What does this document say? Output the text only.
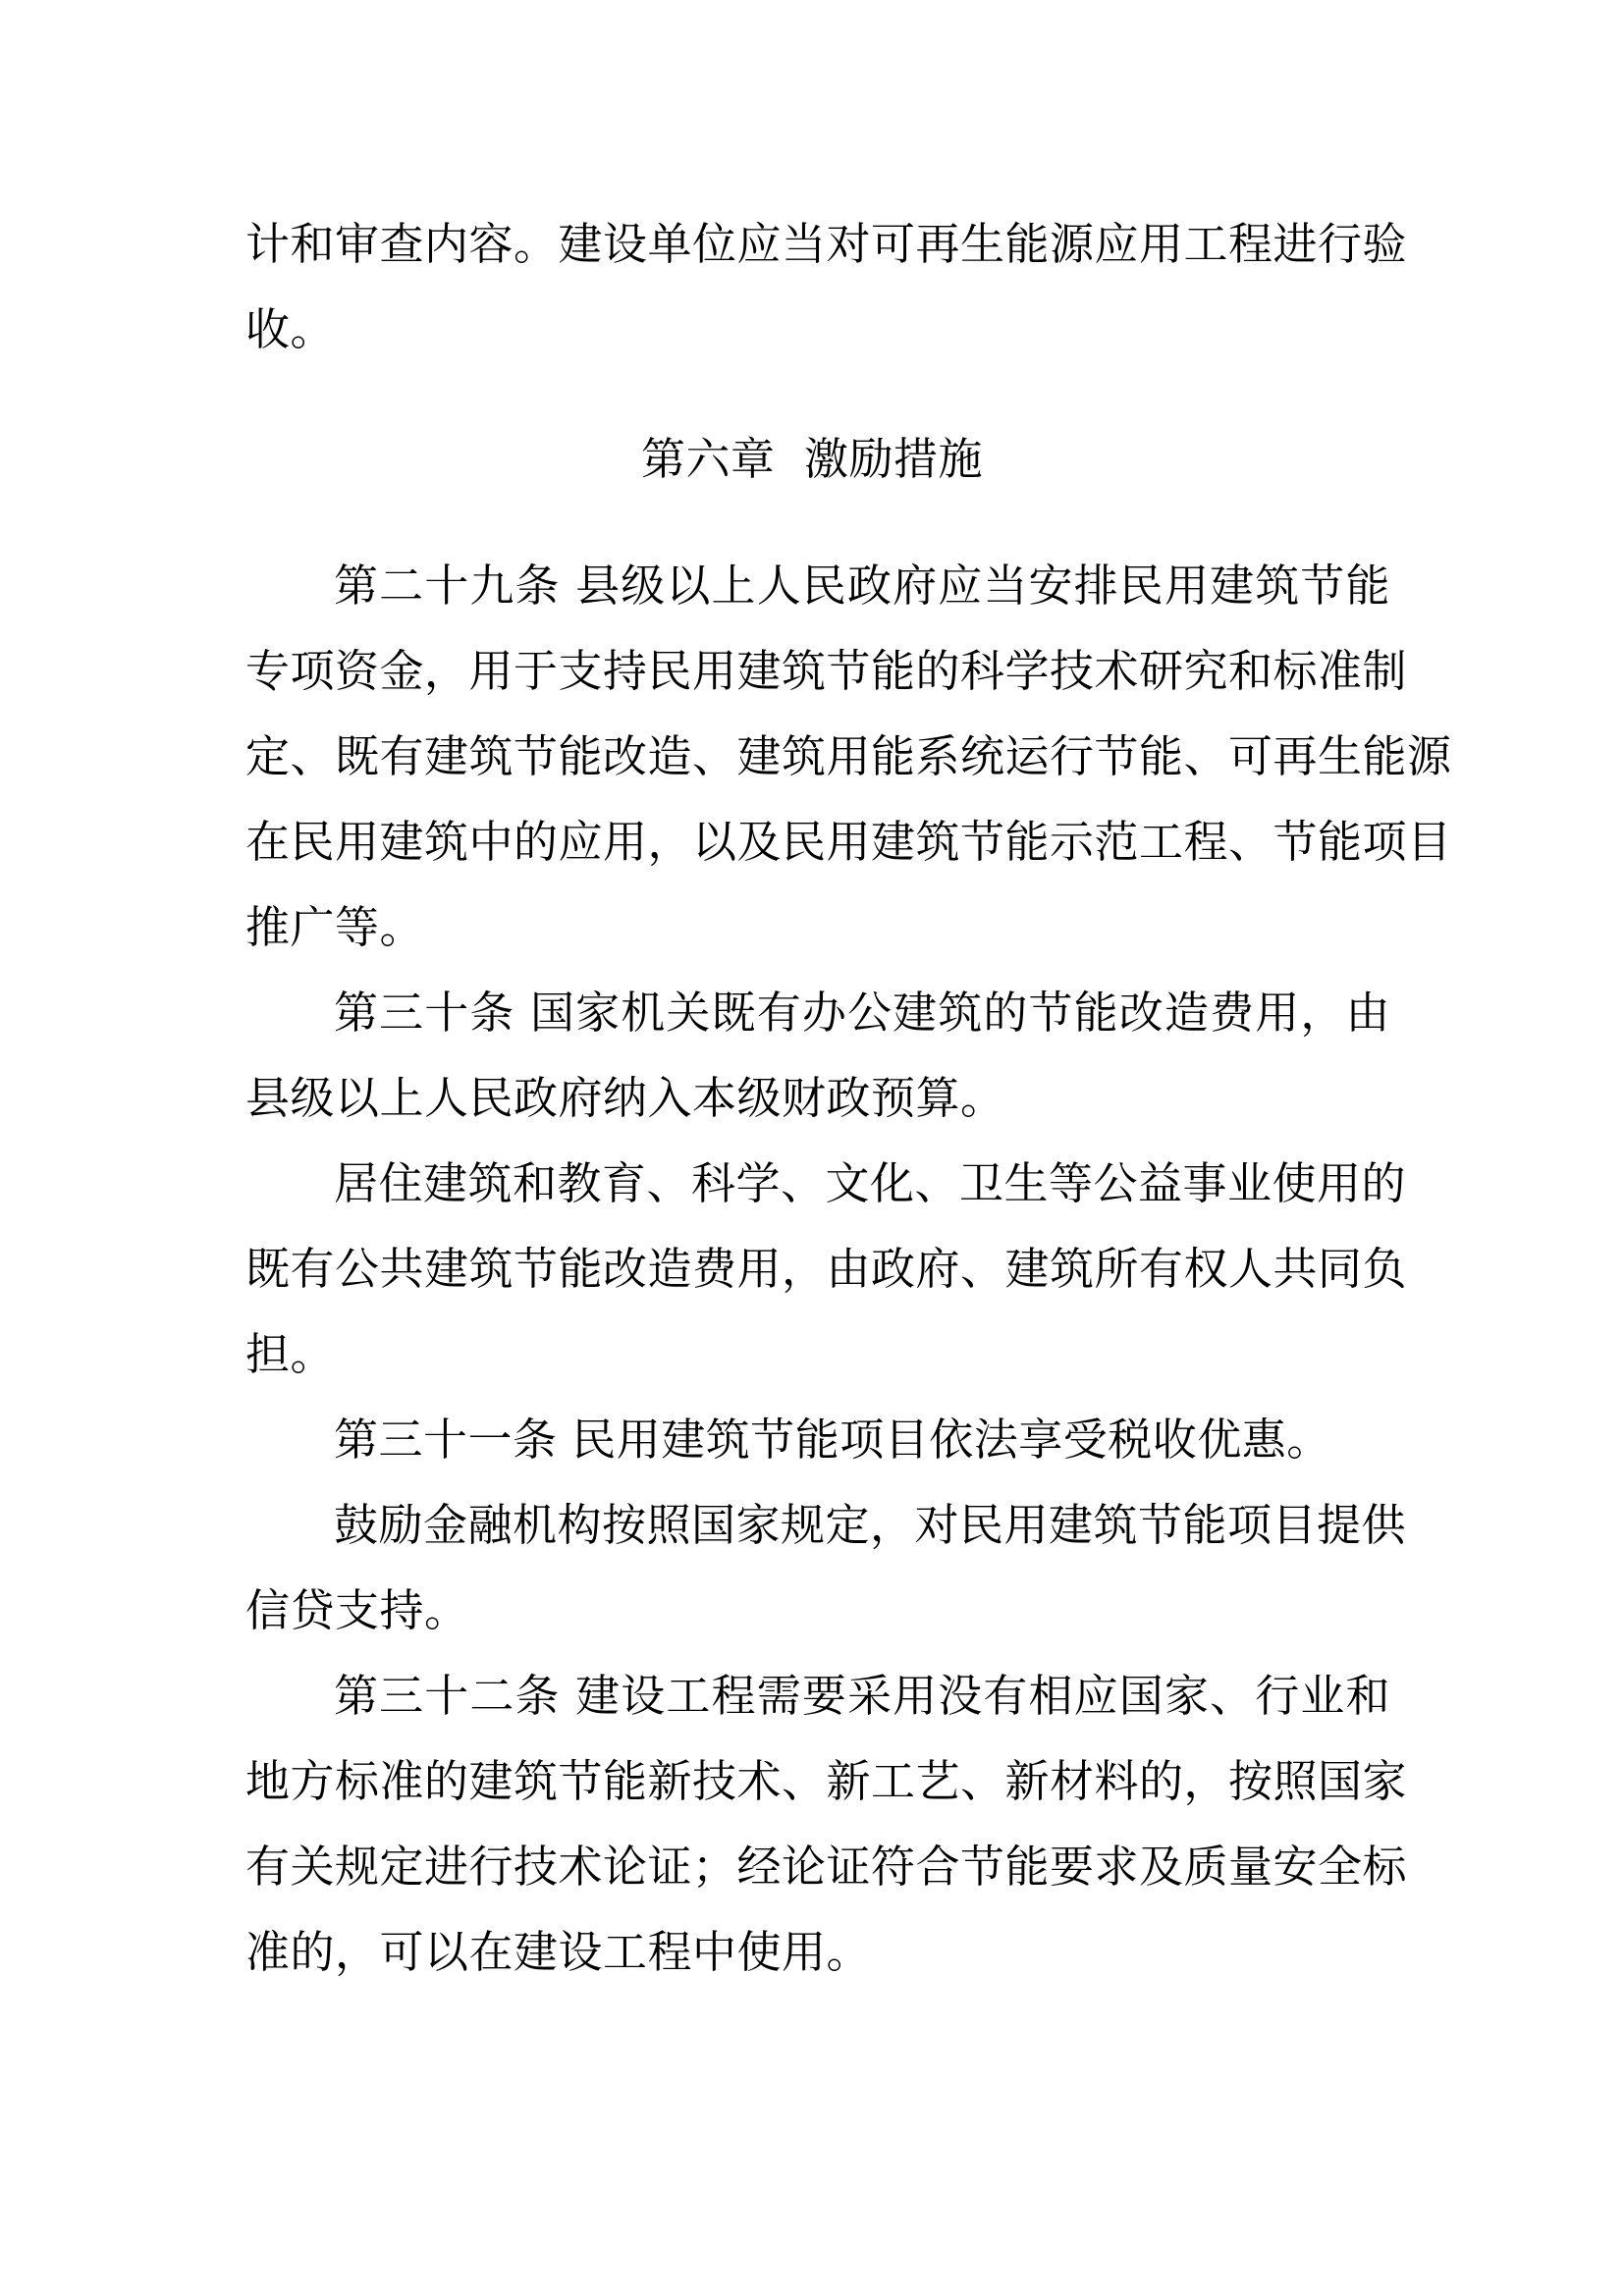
计和审查内容。建设单位应当对可再生能源应用工程进行验
收。
第六章  激励措施
第二十九条 县级以上人民政府应当安排民用建筑节能
专项资金，用于支持民用建筑节能的科学技术研究和标准制
定、既有建筑节能改造、建筑用能系统运行节能、可再生能源
在民用建筑中的应用，以及民用建筑节能示范工程、节能项目
推广等。
第三十条 国家机关既有办公建筑的节能改造费用，由
县级以上人民政府纳入本级财政预算。
居住建筑和教育、科学、文化、卫生等公益事业使用的
既有公共建筑节能改造费用，由政府、建筑所有权人共同负
担。
第三十一条 民用建筑节能项目依法享受税收优惠。
鼓励金融机构按照国家规定，对民用建筑节能项目提供
信贷支持。
第三十二条 建设工程需要采用没有相应国家、行业和
地方标准的建筑节能新技术、新工艺、新材料的，按照国家
有关规定进行技术论证；经论证符合节能要求及质量安全标
准的，可以在建设工程中使用。
